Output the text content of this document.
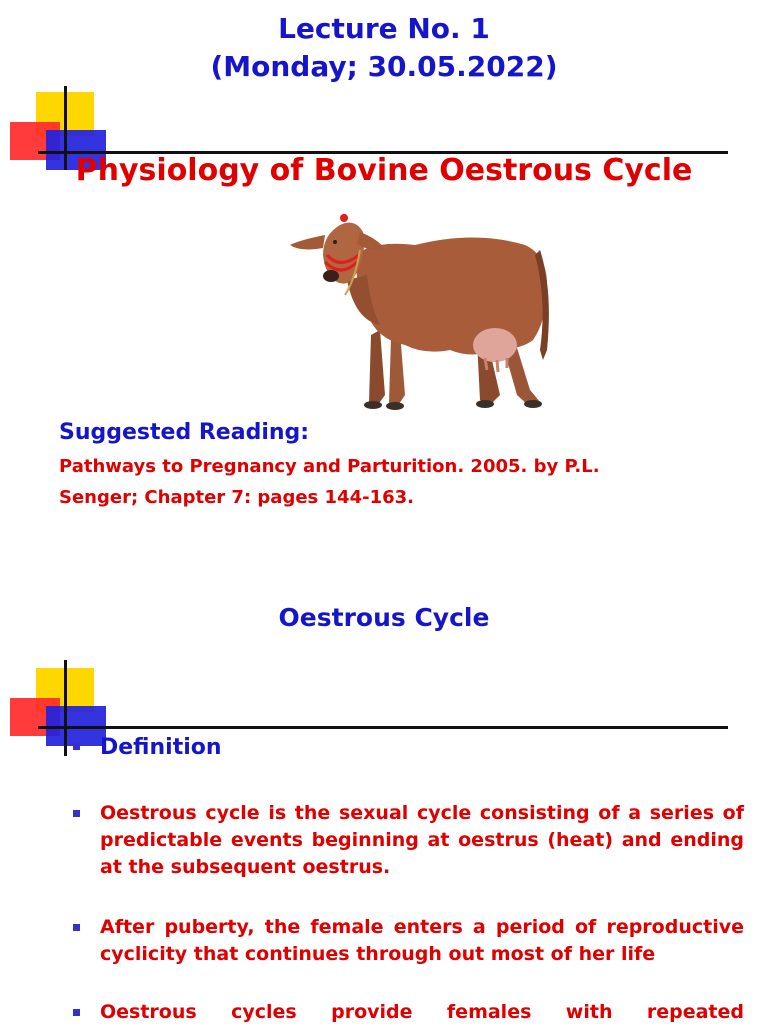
Lecture No. 1
(Monday; 30.05.2022)
Physiology of Bovine Oestrous Cycle
Suggested Reading:
Pathways to Pregnancy and Parturition. 2005. by P.L.
Senger; Chapter 7: pages 144-163.
Oestrous Cycle
Definition
Oestrous cycle is the sexual cycle consisting of a series of predictable events beginning at oestrus (heat) and ending at the subsequent oestrus.
After puberty, the female enters a period of reproductive cyclicity that continues through out most of her life
Oestrous cycles provide females with repeated
